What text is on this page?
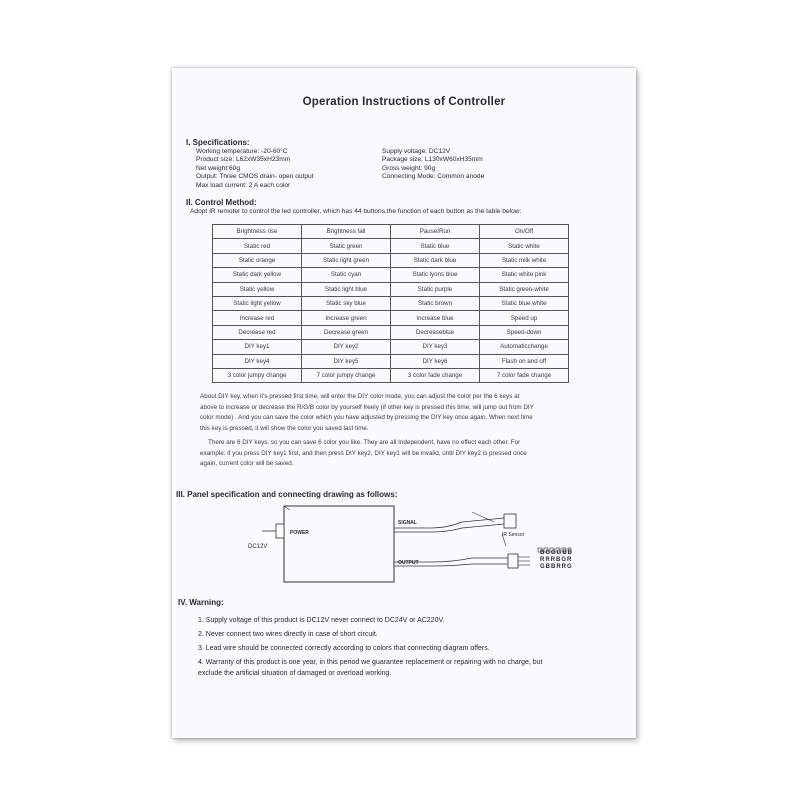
Operation Instructions of Controller
I. Specifications:
Working temperature: -20-60°C
Product size: L62xW35xH23mm
Net weight:60g
Output: Three CMOS drain- open output
Max load current: 2 A each color
Supply voltage: DC12V
Package size: L130xW60xH35mm
Gross weight: 90g
Connecting Mode: Common anode
II. Control Method:
Adopt IR remoter to control the led controller, which has 44 buttons,the function of each button as the table below:
Brightness rise	Brightness fall	Pause/Run	On/Off
Static red	Static green	Static blue	Static white
Static orange	Static light green	Static dark blue	Static milk white
Static dark yellow	Static cyan	Static lyons blue	Static white pink
Static yellow	Static light blue	Static purple	Static green-white
Static light yellow	Static sky blue	Static brown	Static blue white
Increase red	Increase green	Increase blue	Speed up
Decrease red	Decrease green	Decreaseblue	Speed-down
DIY key1	DIY key2	DIY key3	Automaticchange
DIY key4	DIY key5	DIY key6	Flash on and off
3 color jumpy change	7 color jumpy change	3 color fade change	7 color fade change
About DIY key, when it's pressed first time, will enter the DIY color mode, you can adjust the color per the 6 keys at
above to increase or decrease the R/G/B color by yourself freely (if other key is pressed this time, will jump out from DIY
color mode) . And you can save the color which you have adjusted by pressing the DIY key once again. When next time
this key is pressed, it will show the color you saved last time.
There are 6 DIY keys, so you can save 6 color you like. They are all Independent, have no effect each other. For
example: if you press DIY key1 first, and then press DIY key2, DIY key1 will be invalid, until DIY key2 is pressed once
again, current color will be saved.
III. Panel specification and connecting drawing as follows:
POWER
SIGNAL
OUTPUT
IR Sensor
DC12V
BGGGBB
RRRBGR
GBBRRG
IV. Warning:
1. Supply voltage of this product is DC12V never connect to DC24V or AC220V.
2. Never connect two wires directly in case of short circuit.
3. Lead wire should be connected correctly according to colors that connecting diagram offers.
4. Warranty of this product is one year, in this period we guarantee replacement or repairing with no charge, but
exclude the artificial situation of damaged or overload working.
